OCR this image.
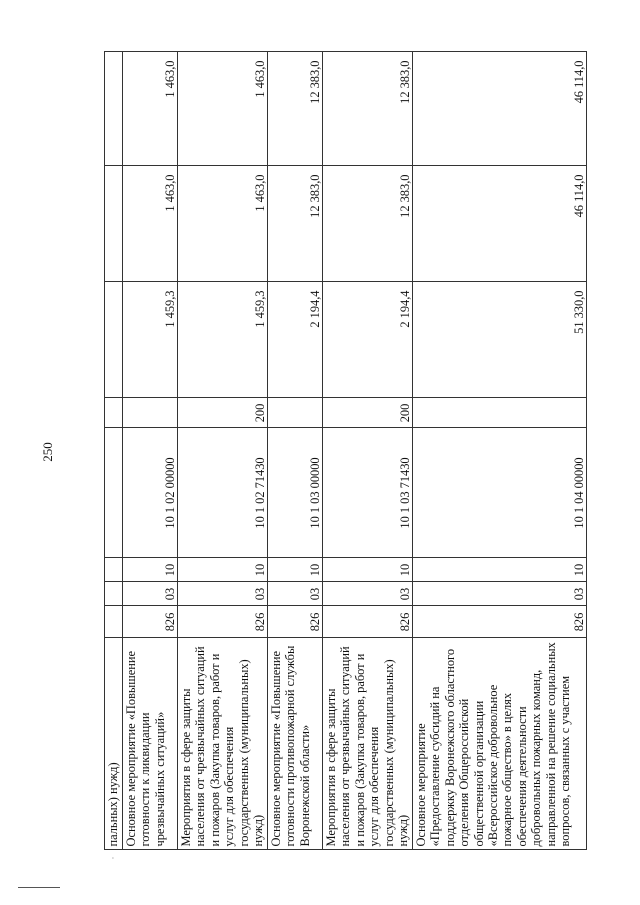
250
·	пальных) нужд)								
	Основное мероприятие «Повышение готовности к ликвидации чрезвычайных ситуаций»	826	03	10	10 1 02 00000		1 459,3	1 463,0	1 463,0
	Мероприятия в сфере защиты населения от чрезвычайных ситуаций и пожаров (Закупка товаров, работ и услуг для обеспечения государственных (муниципальных) нужд)	826	03	10	10 1 02 71430	200	1 459,3	1 463,0	1 463,0
	Основное мероприятие «Повышение готовности противопожарной службы Воронежской области»	826	03	10	10 1 03 00000		2 194,4	12 383,0	12 383,0
	Мероприятия в сфере защиты населения от чрезвычайных ситуаций и пожаров (Закупка товаров, работ и услуг для обеспечения государственных (муниципальных) нужд)	826	03	10	10 1 03 71430	200	2 194,4	12 383,0	12 383,0
	Основное мероприятие «Предоставление субсидий на поддержку Воронежского областного отделения Общероссийской общественной организации «Всероссийское добровольное пожарное общество» в целях обеспечения деятельности добровольных пожарных команд, направленной на решение социальных вопросов, связанных с участием	826	03	10	10 1 04 00000		51 330,0	46 114,0	46 114,0
